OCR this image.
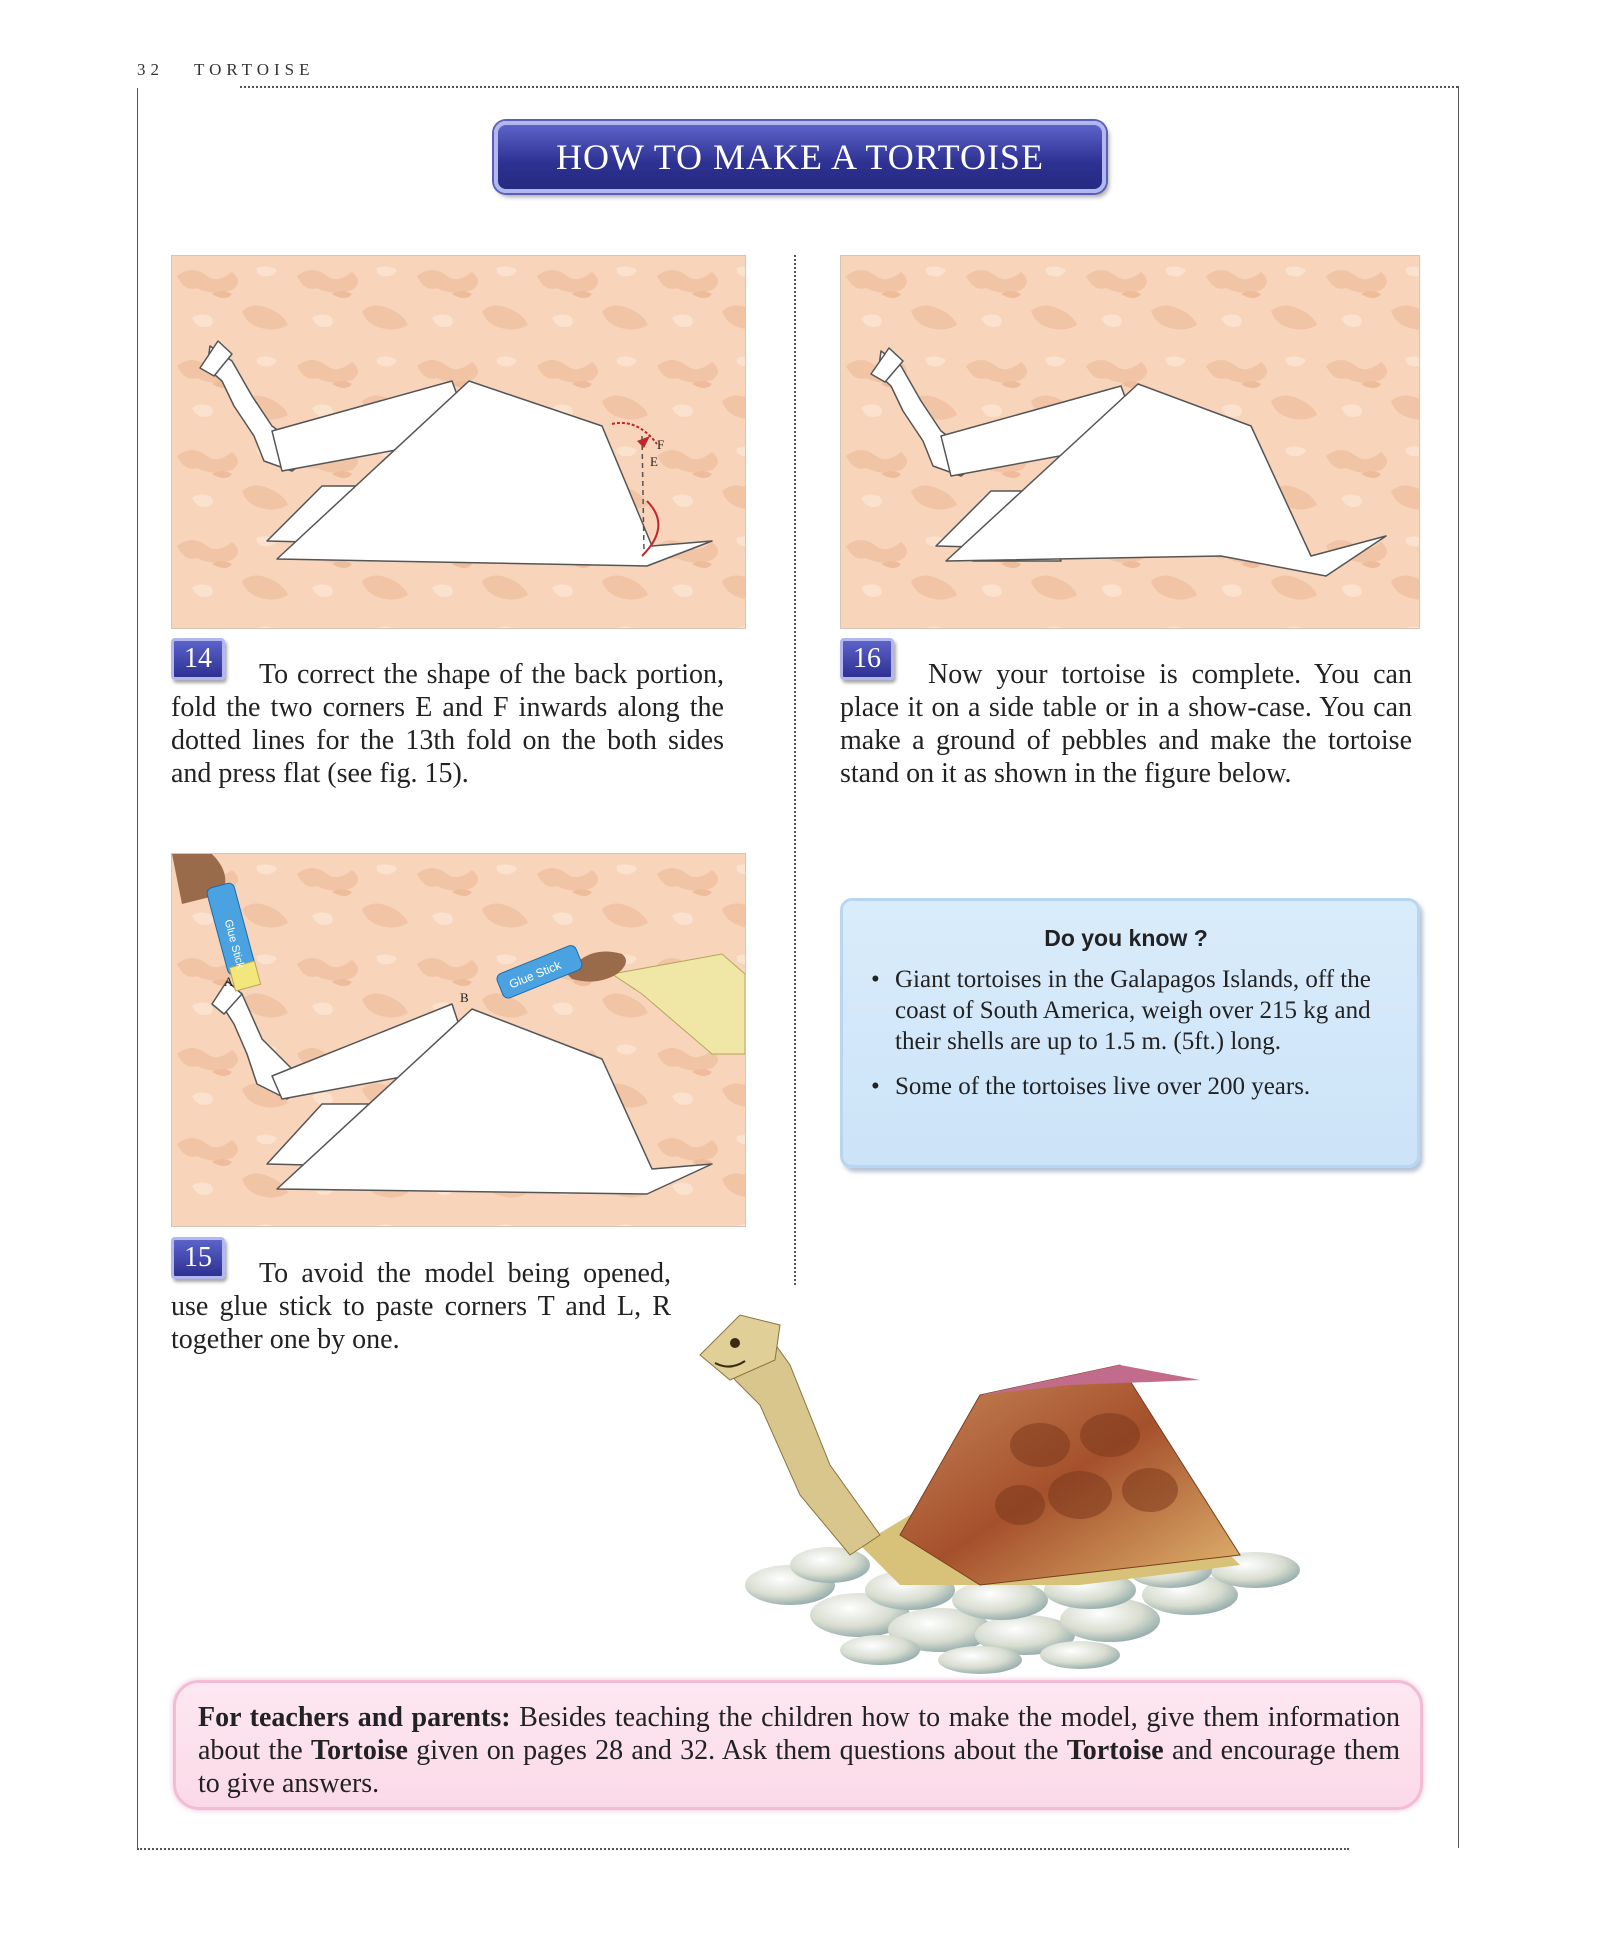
32 TORTOISE
HOW TO MAKE A TORTOISE
E
F
14
To correct the shape of the back portion, fold the two corners E and F inwards along the dotted lines for the 13th fold on the both sides and press flat (see fig. 15).
Glue Stick
Glue Stick
A
B
15
To avoid the model being opened, use glue stick to paste corners T and L, R together one by one.
16
Now your tortoise is complete. You can place it on a side table or in a show-case. You can make a ground of pebbles and make the tortoise stand on it as shown in the figure below.
Do you know ?
• Giant tortoises in the Galapagos Islands, off the coast of South America, weigh over 215 kg and their shells are up to 1.5 m. (5ft.) long.
• Some of the tortoises live over 200 years.
For teachers and parents: Besides teaching the children how to make the model, give them information about the Tortoise given on pages 28 and 32. Ask them questions about the Tortoise and encourage them to give answers.
